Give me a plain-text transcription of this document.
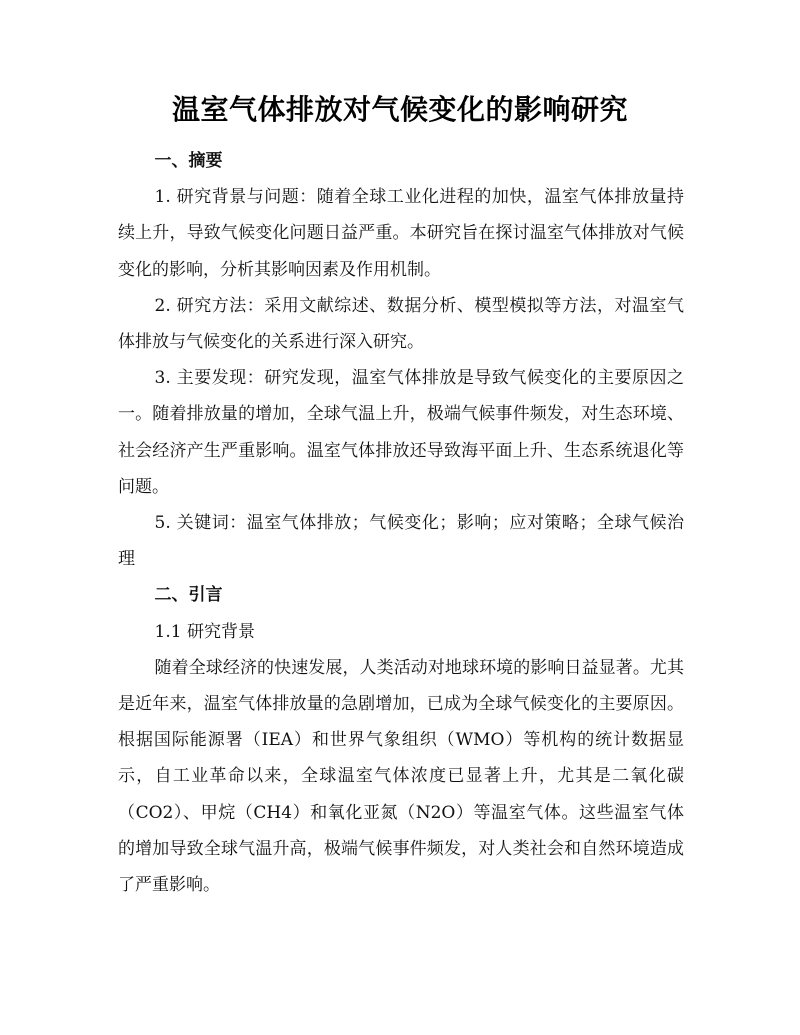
温室气体排放对气候变化的影响研究

一、摘要

1. 研究背景与问题：随着全球工业化进程的加快，温室气体排放量持续上升，导致气候变化问题日益严重。本研究旨在探讨温室气体排放对气候变化的影响，分析其影响因素及作用机制。

2. 研究方法：采用文献综述、数据分析、模型模拟等方法，对温室气体排放与气候变化的关系进行深入研究。

3. 主要发现：研究发现，温室气体排放是导致气候变化的主要原因之一。随着排放量的增加，全球气温上升，极端气候事件频发，对生态环境、社会经济产生严重影响。温室气体排放还导致海平面上升、生态系统退化等问题。

5. 关键词：温室气体排放；气候变化；影响；应对策略；全球气候治理

二、引言

1.1 研究背景

随着全球经济的快速发展，人类活动对地球环境的影响日益显著。尤其是近年来，温室气体排放量的急剧增加，已成为全球气候变化的主要原因。根据国际能源署（IEA）和世界气象组织（WMO）等机构的统计数据显示，自工业革命以来，全球温室气体浓度已显著上升，尤其是二氧化碳（CO2）、甲烷（CH4）和氧化亚氮（N2O）等温室气体。这些温室气体的增加导致全球气温升高，极端气候事件频发，对人类社会和自然环境造成了严重影响。
